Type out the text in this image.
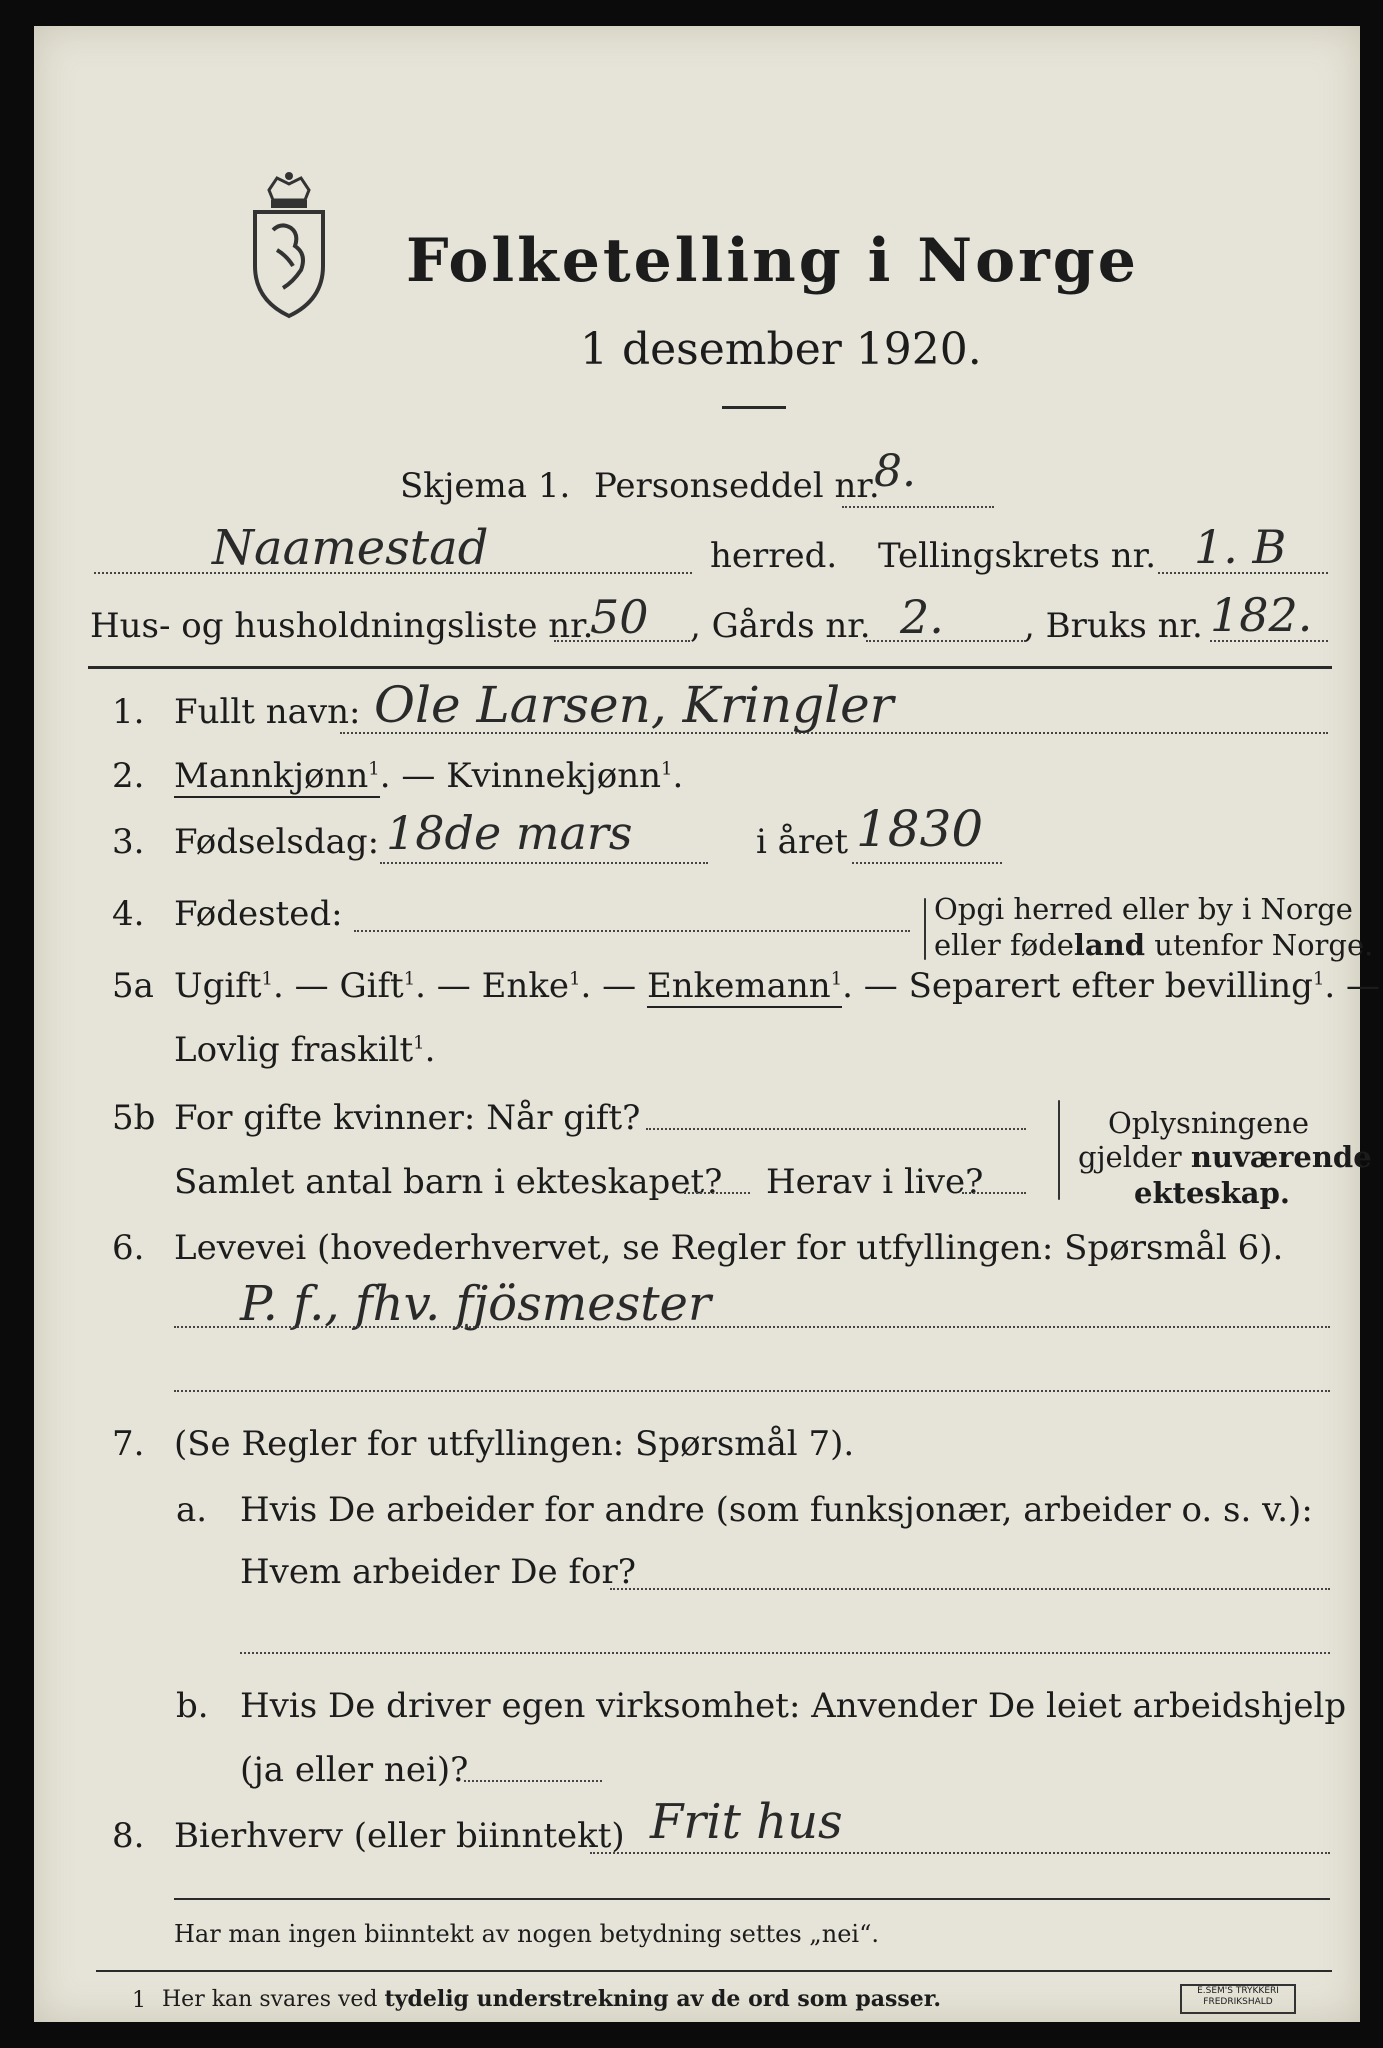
Folketelling i Norge
1 desember 1920.
Skjema 1. Personseddel nr.
8.
Naamestad	herred. Tellingskrets nr. 1. B
Hus- og husholdningsliste nr.
50 , Gårds nr. 2. , Bruks nr. 182.
1. Fullt navn: Ole Larsen, Kringler
2. Mannkjønn$^1$. — Kvinnekjønn$^1$.
3. Fødselsdag: 18de mars	i året 1830
4. Fødested:	Opgi herred eller by i Norge
eller fødeland utenfor Norge.
5a Ugift$^1$. — Gift$^1$. — Enke$^1$. — Enkemann$^1$. — Separert efter bevilling$^1$. —
Lovlig fraskilt$^1$.
5b For gifte kvinner: Når gift?
Samlet antal barn i ekteskapet? Herav i live?
Oplysningene
gjelder nuværende
ekteskap.
6. Levevei (hovederhvervet, se Regler for utfyllingen: Spørsmål 6).
P. f., fhv. fjösmester
7. (Se Regler for utfyllingen: Spørsmål 7).
a. Hvis De arbeider for andre (som funksjonær, arbeider o. s. v.):
Hvem arbeider De for?
b. Hvis De driver egen virksomhet: Anvender De leiet arbeidshjelp
(ja eller nei)?
8. Bierhverv (eller biinntekt) Frit hus
Har man ingen biinntekt av nogen betydning settes „nei“.
1 Her kan svares ved tydelig understrekning av de ord som passer.	E.SEM'S TRYKKERI
FREDRIKSHALD
